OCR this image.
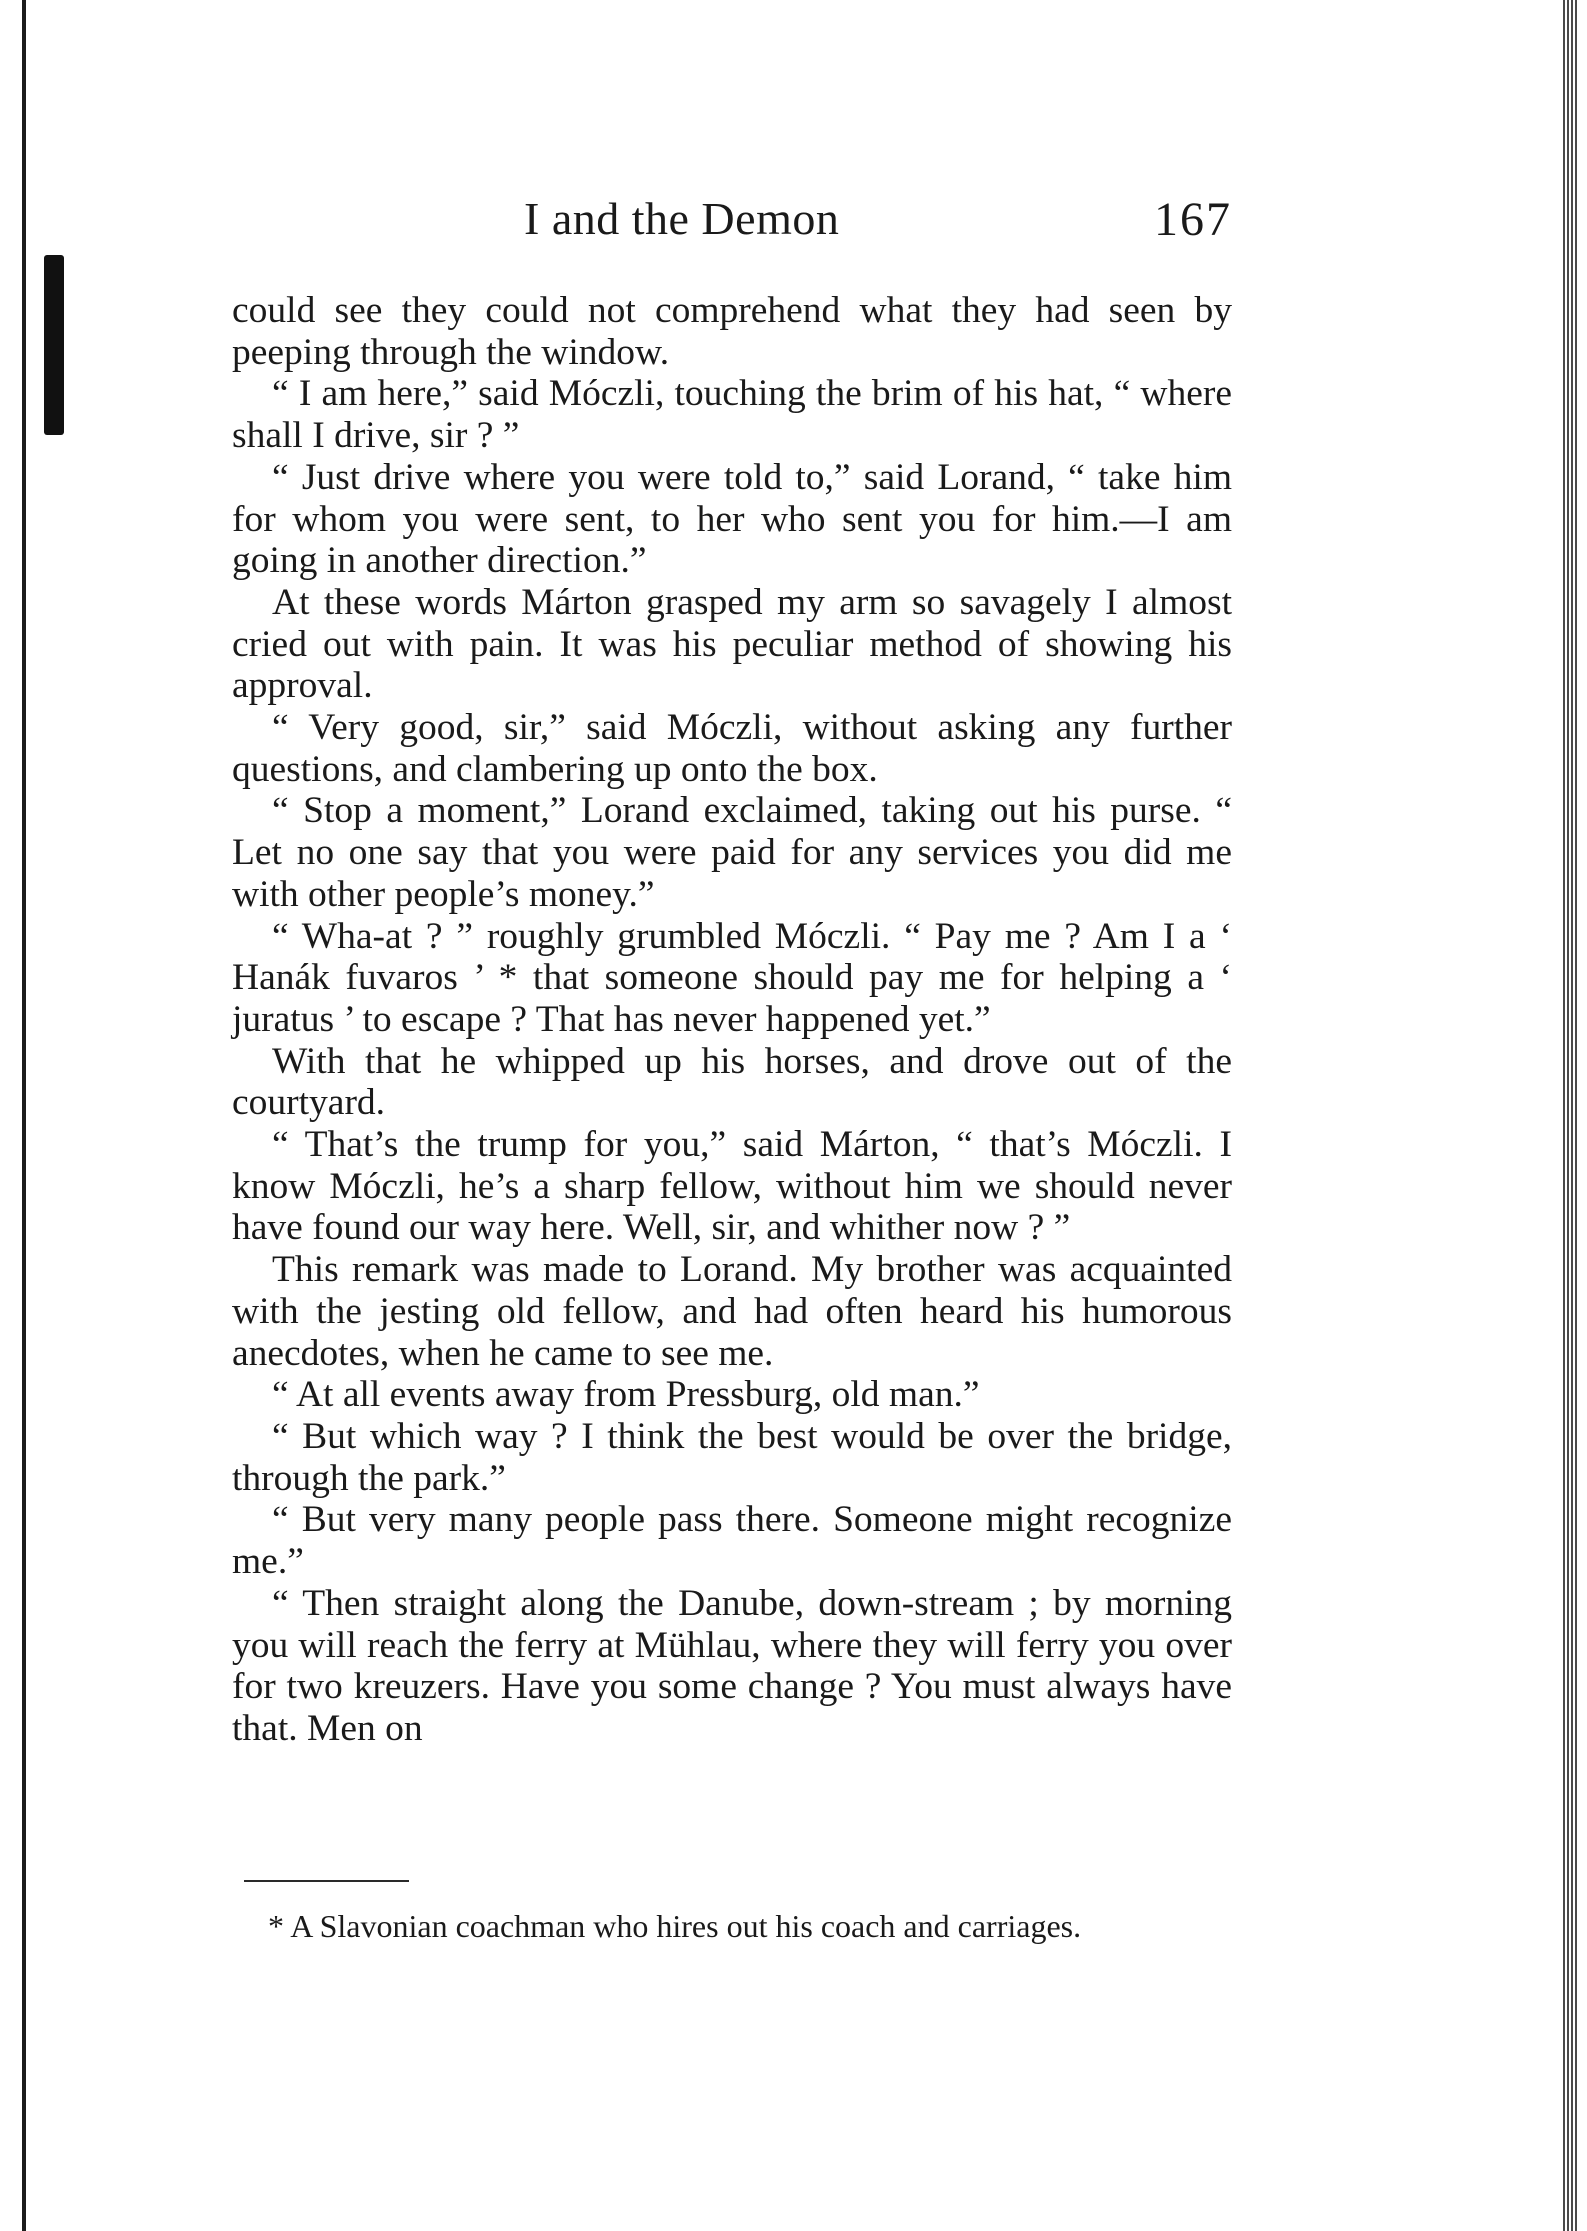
I and the Demon	167

could see they could not comprehend what they had seen by peeping through the window.

“ I am here,” said Móczli, touching the brim of his hat, “ where shall I drive, sir ? ”

“ Just drive where you were told to,” said Lorand, “ take him for whom you were sent, to her who sent you for him.—I am going in another direction.”

At these words Márton grasped my arm so savagely I almost cried out with pain. It was his peculiar method of showing his approval.

“ Very good, sir,” said Móczli, without asking any further questions, and clambering up onto the box.

“ Stop a moment,” Lorand exclaimed, taking out his purse. “ Let no one say that you were paid for any services you did me with other people’s money.”

“ Wha-at ? ” roughly grumbled Móczli. “ Pay me ? Am I a ‘ Hanák fuvaros ’ * that someone should pay me for helping a ‘ juratus ’ to escape ? That has never happened yet.”

With that he whipped up his horses, and drove out of the courtyard.

“ That’s the trump for you,” said Márton, “ that’s Móczli. I know Móczli, he’s a sharp fellow, without him we should never have found our way here. Well, sir, and whither now ? ”

This remark was made to Lorand. My brother was acquainted with the jesting old fellow, and had often heard his humorous anecdotes, when he came to see me.

“ At all events away from Pressburg, old man.”

“ But which way ? I think the best would be over the bridge, through the park.”

“ But very many people pass there. Someone might recognize me.”

“ Then straight along the Danube, down-stream ; by morning you will reach the ferry at Mühlau, where they will ferry you over for two kreuzers. Have you some change ? You must always have that. Men on

* A Slavonian coachman who hires out his coach and carriages.
